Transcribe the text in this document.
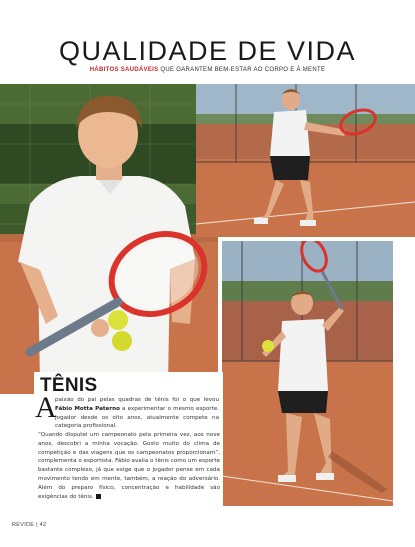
QUALIDADE DE VIDA
HÁBITOS SAUDÁVEIS QUE GARANTEM BEM-ESTAR AO CORPO E À MENTE
TÊNIS
A
paixão do pai pelas quadras de tênis foi o que levou Fábio Motta Paterno a experimentar o mesmo esporte. Jogador desde os oito anos, atualmente compete na categoria profissional.
“Quando disputei um campeonato pela primeira vez, aos nove anos, descobri a minha vocação. Gosto muito do clima de competição e das viagens que os campeonatos proporcionam”, complementa o esportista. Fábio avalia o tênis como um esporte bastante complexo, já que exige que o jogador pense em cada movimento tendo em mente, também, a reação do adversário. Além do preparo físico, concentração e habilidade são exigências do tênis.
REVIDE | 42
